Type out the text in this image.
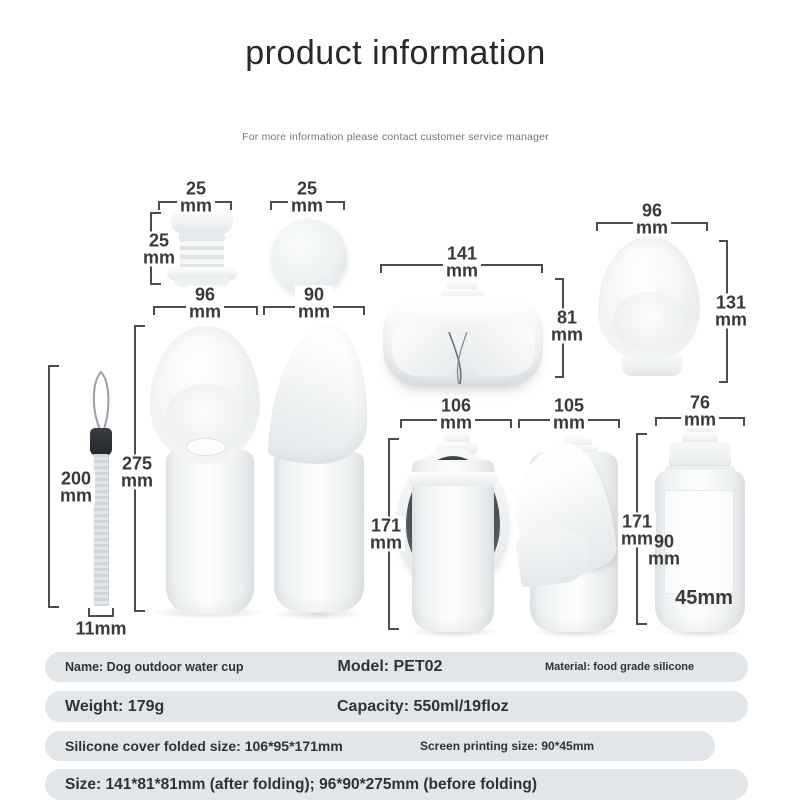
product information
For more information please contact customer service manager
25
mm
25
mm
25
mm
141
mm
81
mm
96
mm
131
mm
96
mm
275
mm
90
mm
200
mm
11mm
106
mm
171
mm
105
mm
76
mm
171
mm 90
mm
45mm
Name: Dog outdoor water cup	Model: PET02	Material: food grade silicone
Weight: 179g	Capacity: 550ml/19floz
Silicone cover folded size: 106*95*171mm	Screen printing size: 90*45mm
Size: 141*81*81mm (after folding); 96*90*275mm (before folding)
